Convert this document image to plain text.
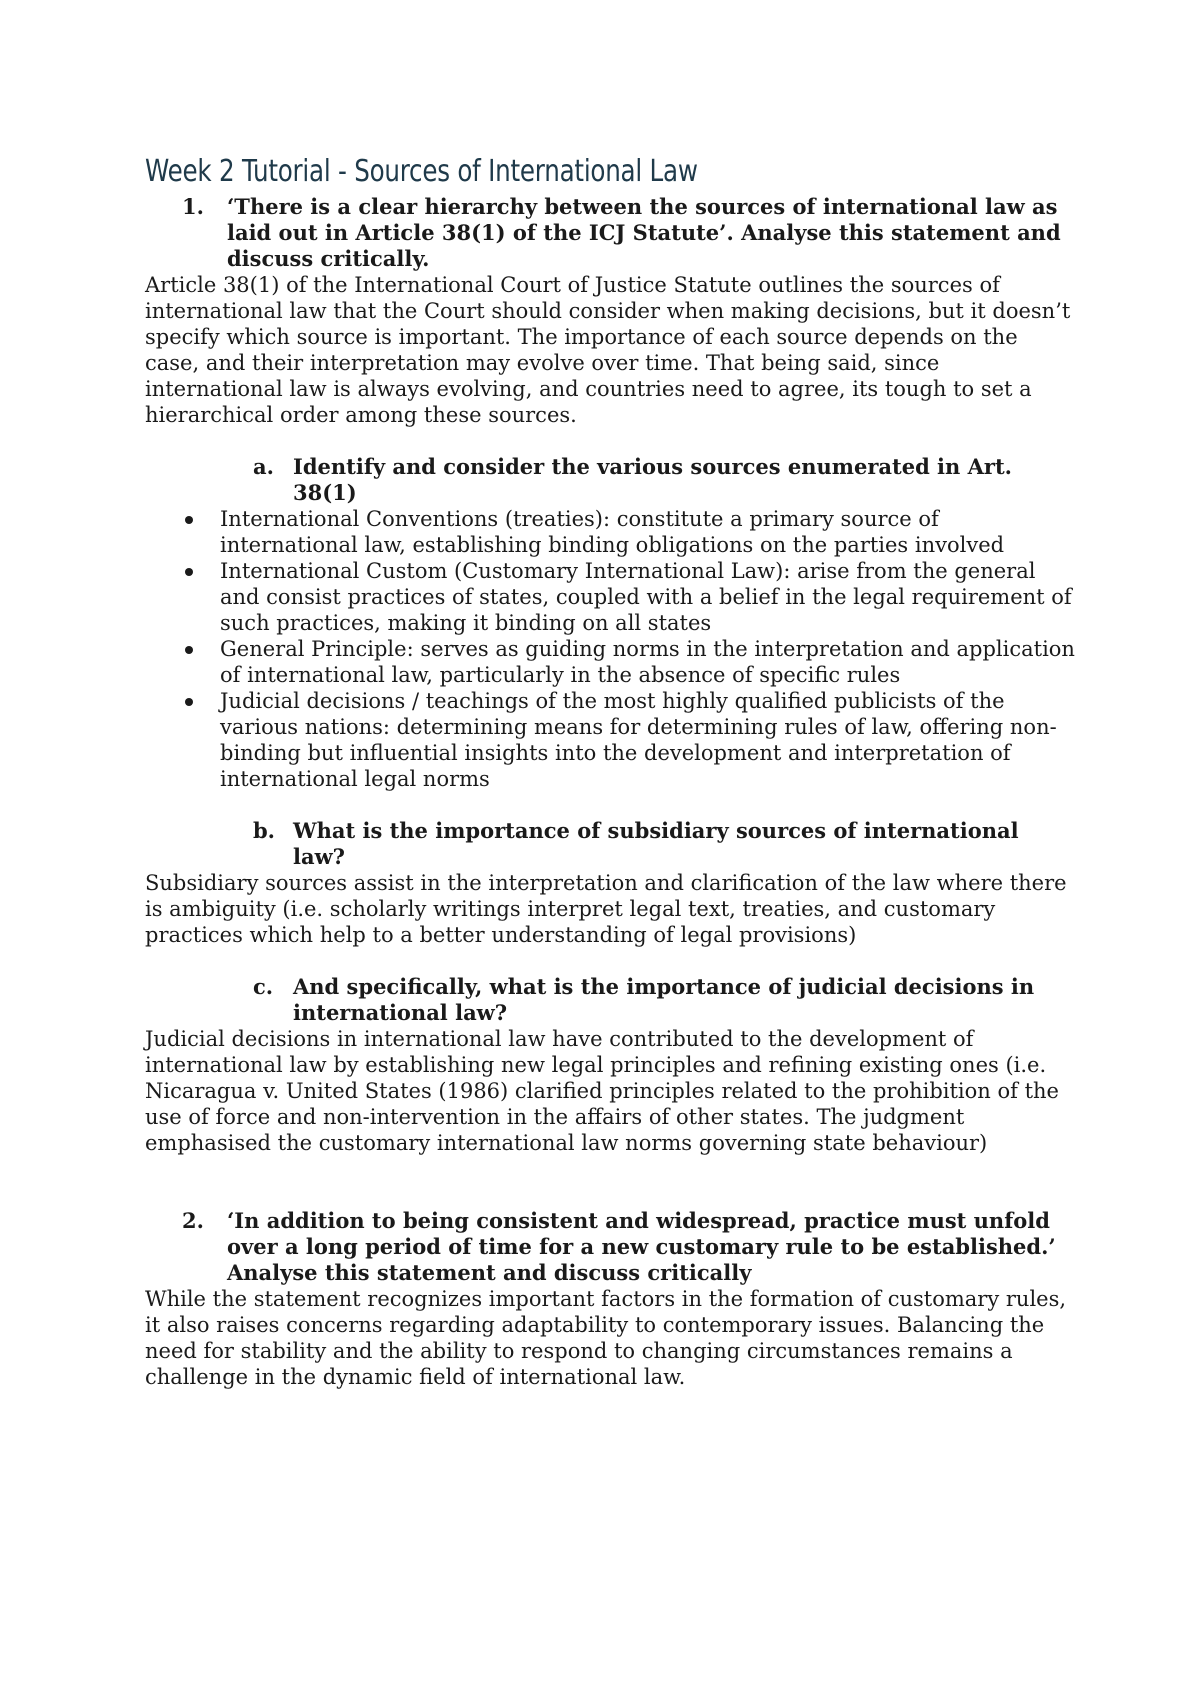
Week 2 Tutorial - Sources of International Law
1.	‘There is a clear hierarchy between the sources of international law as laid out in Article 38(1) of the ICJ Statute’. Analyse this statement and discuss critically.

Article 38(1) of the International Court of Justice Statute outlines the sources of international law that the Court should consider when making decisions, but it doesn’t specify which source is important. The importance of each source depends on the case, and their interpretation may evolve over time. That being said, since international law is always evolving, and countries need to agree, its tough to set a hierarchical order among these sources.

a. Identify and consider the various sources enumerated in Art. 38(1)
International Conventions (treaties): constitute a primary source of international law, establishing binding obligations on the parties involved
International Custom (Customary International Law): arise from the general and consist practices of states, coupled with a belief in the legal requirement of such practices, making it binding on all states
General Principle: serves as guiding norms in the interpretation and application of international law, particularly in the absence of specific rules
Judicial decisions / teachings of the most highly qualified publicists of the various nations: determining means for determining rules of law, offering non-binding but influential insights into the development and interpretation of international legal norms
b. What is the importance of subsidiary sources of international law?

Subsidiary sources assist in the interpretation and clarification of the law where there is ambiguity (i.e. scholarly writings interpret legal text, treaties, and customary practices which help to a better understanding of legal provisions)

c. And specifically, what is the importance of judicial decisions in international law?

Judicial decisions in international law have contributed to the development of international law by establishing new legal principles and refining existing ones (i.e. Nicaragua v. United States (1986) clarified principles related to the prohibition of the use of force and non-intervention in the affairs of other states. The judgment emphasised the customary international law norms governing state behaviour)

2.	‘In addition to being consistent and widespread, practice must unfold over a long period of time for a new customary rule to be established.’ Analyse this statement and discuss critically

While the statement recognizes important factors in the formation of customary rules, it also raises concerns regarding adaptability to contemporary issues. Balancing the need for stability and the ability to respond to changing circumstances remains a challenge in the dynamic field of international law.
